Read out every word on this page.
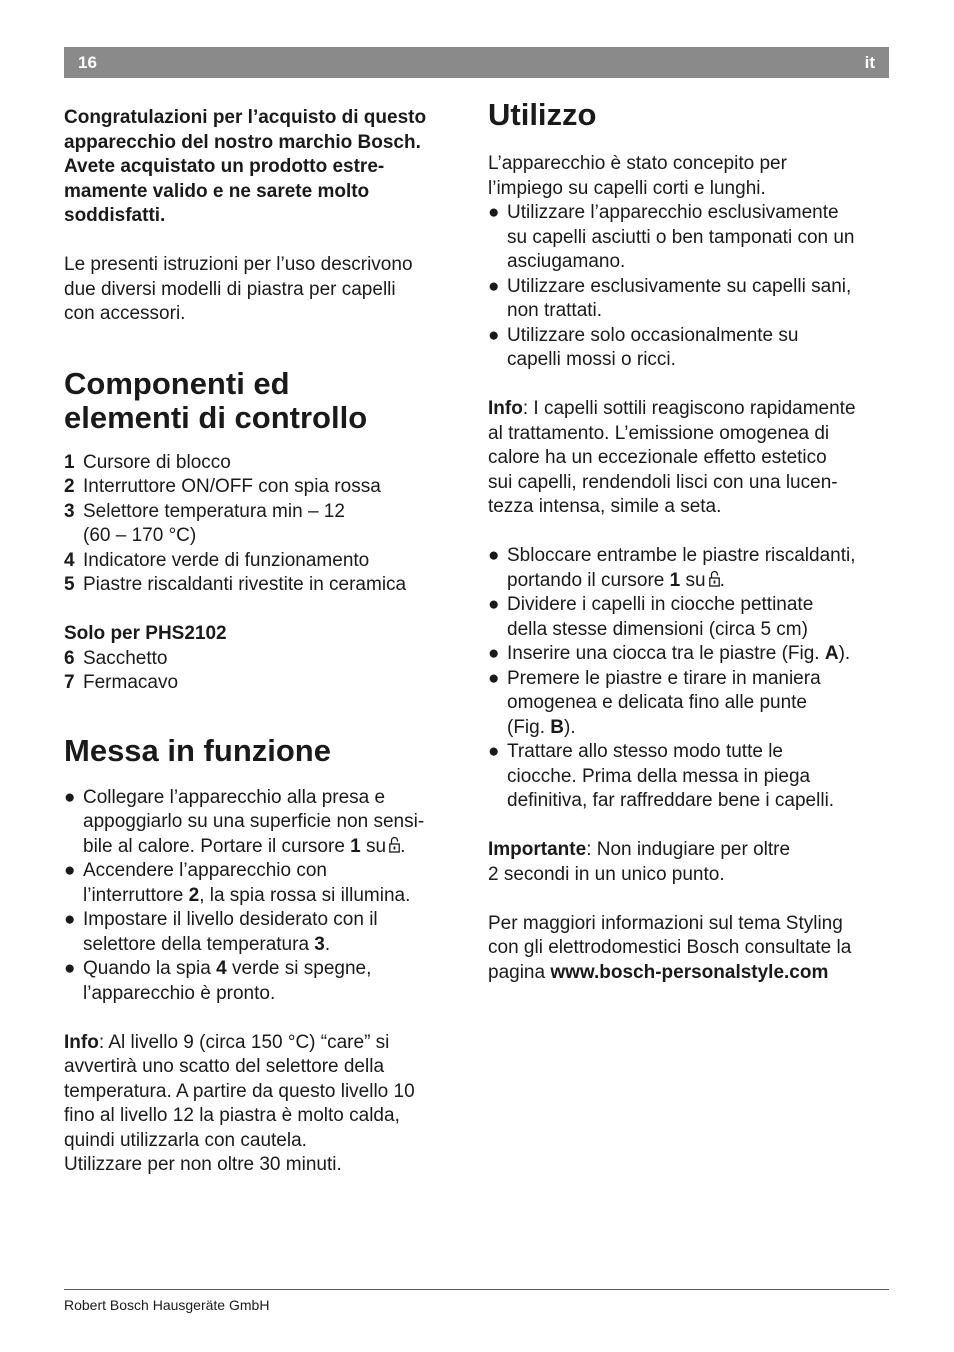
16	it

Congratulazioni per l’acquisto di questo
apparecchio del nostro marchio Bosch.
Avete acquistato un prodotto estre-
mamente valido e ne sarete molto
soddisfatti.

Le presenti istruzioni per l’uso descrivono
due diversi modelli di piastra per capelli
con accessori.

Componenti ed
elementi di controllo
1 Cursore di blocco
2 Interruttore ON/OFF con spia rossa
3 Selettore temperatura min – 12
(60 – 170 °C)
4 Indicatore verde di funzionamento
5 Piastre riscaldanti rivestite in ceramica

Solo per PHS2102

6 Sacchetto
7 Fermacavo
Messa in funzione
● Collegare l’apparecchio alla presa e
appoggiarlo su una superficie non sensi-
bile al calore. Portare il cursore 1 su .
● Accendere l’apparecchio con
l’interruttore 2, la spia rossa si illumina.
● Impostare il livello desiderato con il
selettore della temperatura 3.
● Quando la spia 4 verde si spegne,
l’apparecchio è pronto.

Info: Al livello 9 (circa 150 °C) “care” si
avvertirà uno scatto del selettore della
temperatura. A partire da questo livello 10
fino al livello 12 la piastra è molto calda,
quindi utilizzarla con cautela.
Utilizzare per non oltre 30 minuti.

Utilizzo

L’apparecchio è stato concepito per
l’impiego su capelli corti e lunghi.

● Utilizzare l’apparecchio esclusivamente
su capelli asciutti o ben tamponati con un
asciugamano.
● Utilizzare esclusivamente su capelli sani,
non trattati.
● Utilizzare solo occasionalmente su
capelli mossi o ricci.

Info: I capelli sottili reagiscono rapidamente
al trattamento. L’emissione omogenea di
calore ha un eccezionale effetto estetico
sui capelli, rendendoli lisci con una lucen-
tezza intensa, simile a seta.

● Sbloccare entrambe le piastre riscaldanti,
portando il cursore 1 su .
● Dividere i capelli in ciocche pettinate
della stesse dimensioni (circa 5 cm)
● Inserire una ciocca tra le piastre (Fig. A).
● Premere le piastre e tirare in maniera
omogenea e delicata fino alle punte
(Fig. B).
● Trattare allo stesso modo tutte le
ciocche. Prima della messa in piega
definitiva, far raffreddare bene i capelli.

Importante: Non indugiare per oltre
2 secondi in un unico punto.

Per maggiori informazioni sul tema Styling
con gli elettrodomestici Bosch consultate la
pagina www.bosch-personalstyle.com

Robert Bosch Hausgeräte GmbH
